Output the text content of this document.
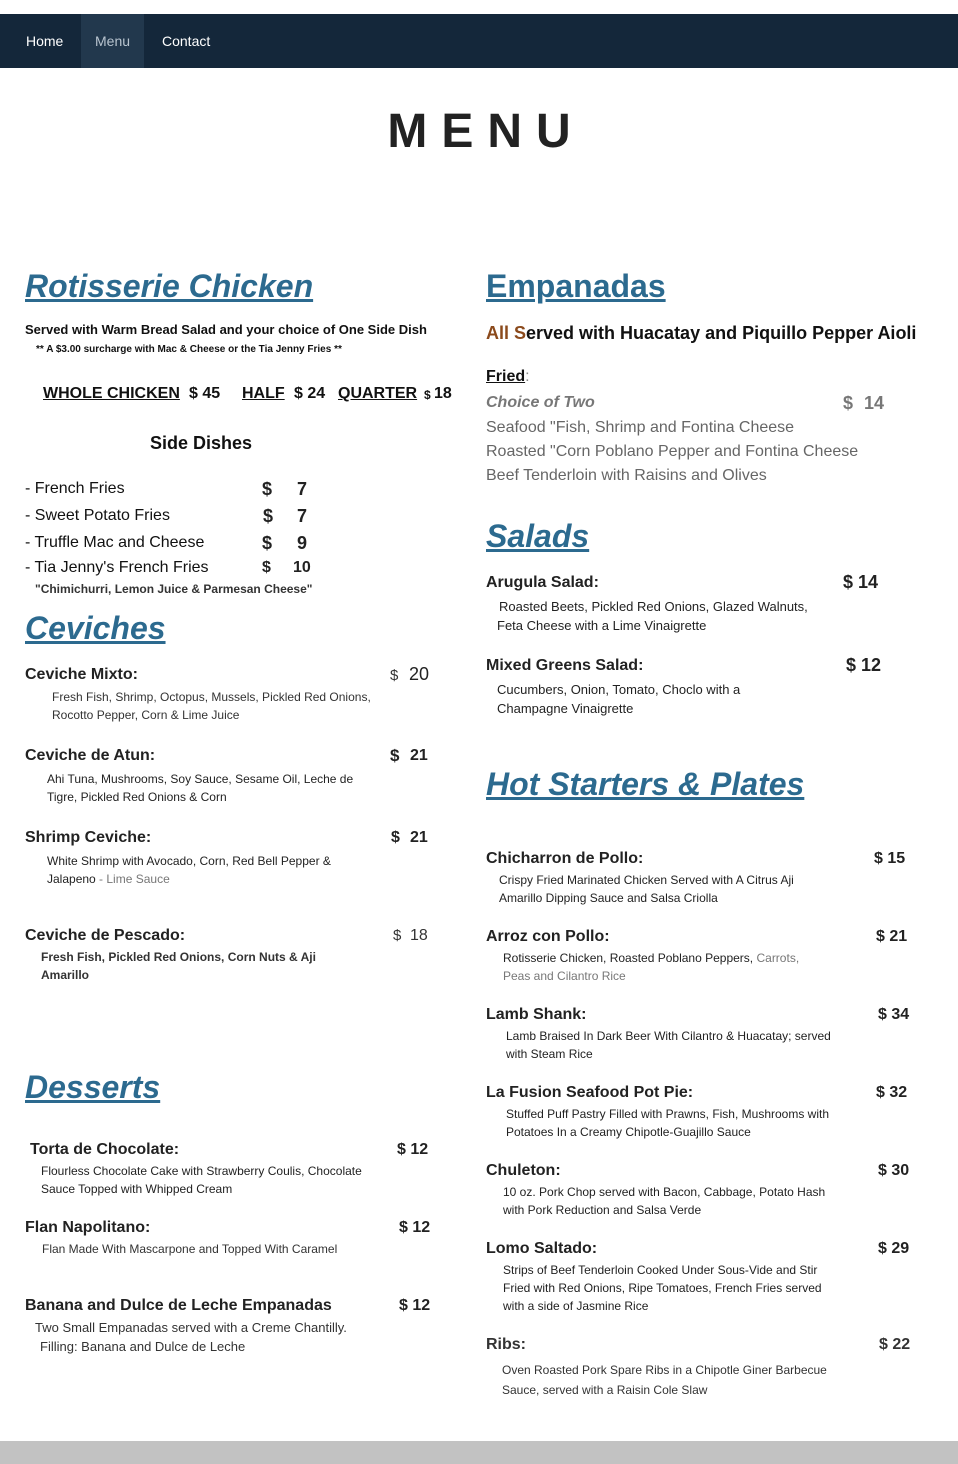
Home	Menu	Contact
MENU
Rotisserie Chicken
Served with Warm Bread Salad and your choice of One Side Dish
** A $3.00 surcharge with Mac & Cheese or the Tia Jenny Fries **
WHOLE CHICKEN $ 45 HALF $ 24 QUARTER $ 18
Side Dishes
- French Fries	$ 7
- Sweet Potato Fries	$ 7
- Truffle Mac and Cheese	$ 9
- Tia Jenny's French Fries	$ 10
"Chimichurri, Lemon Juice & Parmesan Cheese"
Ceviches
Ceviche Mixto:	$ 20
Fresh Fish, Shrimp, Octopus, Mussels, Pickled Red Onions, Rocotto Pepper, Corn & Lime Juice
Ceviche de Atun:	$ 21
Ahi Tuna, Mushrooms, Soy Sauce, Sesame Oil, Leche de Tigre, Pickled Red Onions & Corn
Shrimp Ceviche:	$ 21
White Shrimp with Avocado, Corn, Red Bell Pepper & Jalapeno - Lime Sauce
Ceviche de Pescado:	$ 18
Fresh Fish, Pickled Red Onions, Corn Nuts & Aji Amarillo
Desserts
Torta de Chocolate:	$ 12
Flourless Chocolate Cake with Strawberry Coulis, Chocolate Sauce Topped with Whipped Cream
Flan Napolitano:	$ 12
Flan Made With Mascarpone and Topped With Caramel
Banana and Dulce de Leche Empanadas	$ 12
Two Small Empanadas served with a Creme Chantilly.
Filling: Banana and Dulce de Leche
Empanadas
All Served with Huacatay and Piquillo Pepper Aioli
Fried:
Choice of Two	$ 14
Seafood "Fish, Shrimp and Fontina Cheese
Roasted "Corn Poblano Pepper and Fontina Cheese
Beef Tenderloin with Raisins and Olives
Salads
Arugula Salad:	$ 14
Roasted Beets, Pickled Red Onions, Glazed Walnuts, Feta Cheese with a Lime Vinaigrette
Mixed Greens Salad:	$ 12
Cucumbers, Onion, Tomato, Choclo with a Champagne Vinaigrette
Hot Starters & Plates
Chicharron de Pollo:	$ 15
Crispy Fried Marinated Chicken Served with A Citrus Aji Amarillo Dipping Sauce and Salsa Criolla
Arroz con Pollo:	$ 21
Rotisserie Chicken, Roasted Poblano Peppers, Carrots, Peas and Cilantro Rice
Lamb Shank:	$ 34
Lamb Braised In Dark Beer With Cilantro & Huacatay; served with Steam Rice
La Fusion Seafood Pot Pie:	$ 32
Stuffed Puff Pastry Filled with Prawns, Fish, Mushrooms with Potatoes In a Creamy Chipotle-Guajillo Sauce
Chuleton:	$ 30
10 oz. Pork Chop served with Bacon, Cabbage, Potato Hash with Pork Reduction and Salsa Verde
Lomo Saltado:	$ 29
Strips of Beef Tenderloin Cooked Under Sous-Vide and Stir Fried with Red Onions, Ripe Tomatoes, French Fries served with a side of Jasmine Rice
Ribs:	$ 22
Oven Roasted Pork Spare Ribs in a Chipotle Giner Barbecue Sauce, served with a Raisin Cole Slaw
